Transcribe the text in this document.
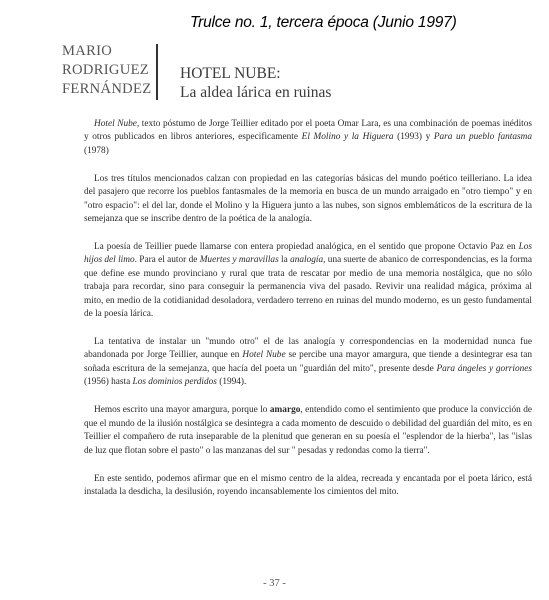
Trulce no. 1, tercera época (Junio 1997)
MARIO
RODRIGUEZ
FERNÁNDEZ
HOTEL NUBE:
La aldea lárica en ruinas

Hotel Nube, texto póstumo de Jorge Teillier editado por el poeta Omar Lara, es una combinación de poemas inéditos y otros publicados en libros anteriores, especificamente El Molino y la Higuera (1993) y Para un pueblo fantasma (1978)

Los tres títulos mencionados calzan con propiedad en las categorías básicas del mundo poético teilleriano. La idea del pasajero que recorre los pueblos fantasmales de la memoria en busca de un mundo arraigado en "otro tiempo" y en "otro espacio": el del lar, donde el Molino y la Higuera junto a las nubes, son signos emblemáticos de la escritura de la semejanza que se inscribe dentro de la poética de la analogía.

La poesía de Teillier puede llamarse con entera propiedad analógica, en el sentido que propone Octavio Paz en Los hijos del limo. Para el autor de Muertes y maravillas la analogía, una suerte de abanico de correspondencias, es la forma que define ese mundo provinciano y rural que trata de rescatar por medio de una memoria nostálgica, que no sólo trabaja para recordar, sino para conseguir la permanencia viva del pasado. Revivir una realidad mágica, próxima al mito, en medio de la cotidianidad desoladora, verdadero terreno en ruinas del mundo moderno, es un gesto fundamental de la poesía lárica.

La tentativa de instalar un "mundo otro" el de las analogía y correspondencias en la modernidad nunca fue abandonada por Jorge Teillier, aunque en Hotel Nube se percibe una mayor amargura, que tiende a desintegrar esa tan soñada escritura de la semejanza, que hacía del poeta un "guardián del mito", presente desde Para ángeles y gorriones (1956) hasta Los dominios perdidos (1994).

Hemos escrito una mayor amargura, porque lo amargo, entendido como el sentimiento que produce la convicción de que el mundo de la ilusión nostálgica se desintegra a cada momento de descuido o debilidad del guardián del mito, es en Teillier el compañero de ruta inseparable de la plenitud que generan en su poesía el "esplendor de la hierba", las "islas de luz que flotan sobre el pasto" o las manzanas del sur " pesadas y redondas como la tierra".

En este sentido, podemos afirmar que en el mismo centro de la aldea, recreada y encantada por el poeta lárico, está instalada la desdicha, la desilusión, royendo incansablemente los cimientos del mito.

- 37 -
